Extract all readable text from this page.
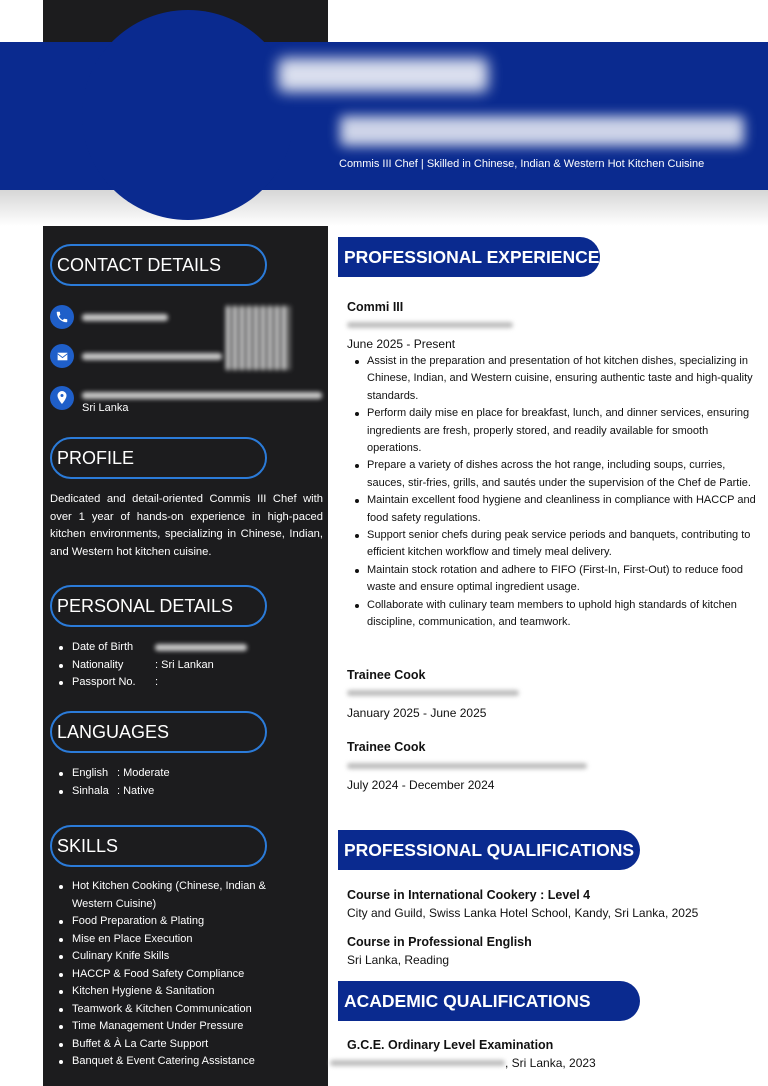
Commis III Chef | Skilled in Chinese, Indian & Western Hot Kitchen Cuisine
CONTACT DETAILS
Sri Lanka
PROFILE
Dedicated and detail-oriented Commis III Chef with over 1 year of hands-on experience in high-paced kitchen environments, specializing in Chinese, Indian, and Western hot kitchen cuisine.
PERSONAL DETAILS
Date of Birth
Nationality	: Sri Lankan
Passport No. :
LANGUAGES
English : Moderate
Sinhala : Native
SKILLS
Hot Kitchen Cooking (Chinese, Indian &
Western Cuisine)
Food Preparation & Plating
Mise en Place Execution
Culinary Knife Skills
HACCP & Food Safety Compliance
Kitchen Hygiene & Sanitation
Teamwork & Kitchen Communication
Time Management Under Pressure
Buffet & À La Carte Support
Banquet & Event Catering Assistance
PROFESSIONAL EXPERIENCE
Commi III
June 2025 - Present
Assist in the preparation and presentation of hot kitchen dishes, specializing in Chinese, Indian, and Western cuisine, ensuring authentic taste and high-quality standards.
Perform daily mise en place for breakfast, lunch, and dinner services, ensuring ingredients are fresh, properly stored, and readily available for smooth operations.
Prepare a variety of dishes across the hot range, including soups, curries, sauces, stir-fries, grills, and sautés under the supervision of the Chef de Partie.
Maintain excellent food hygiene and cleanliness in compliance with HACCP and food safety regulations.
Support senior chefs during peak service periods and banquets, contributing to efficient kitchen workflow and timely meal delivery.
Maintain stock rotation and adhere to FIFO (First-In, First-Out) to reduce food waste and ensure optimal ingredient usage.
Collaborate with culinary team members to uphold high standards of kitchen discipline, communication, and teamwork.
Trainee Cook
January 2025 - June 2025
Trainee Cook
July 2024 - December 2024
PROFESSIONAL QUALIFICATIONS
Course in International Cookery : Level 4
City and Guild, Swiss Lanka Hotel School, Kandy, Sri Lanka, 2025
Course in Professional English
Sri Lanka, Reading
ACADEMIC QUALIFICATIONS
G.C.E. Ordinary Level Examination
, Sri Lanka, 2023
